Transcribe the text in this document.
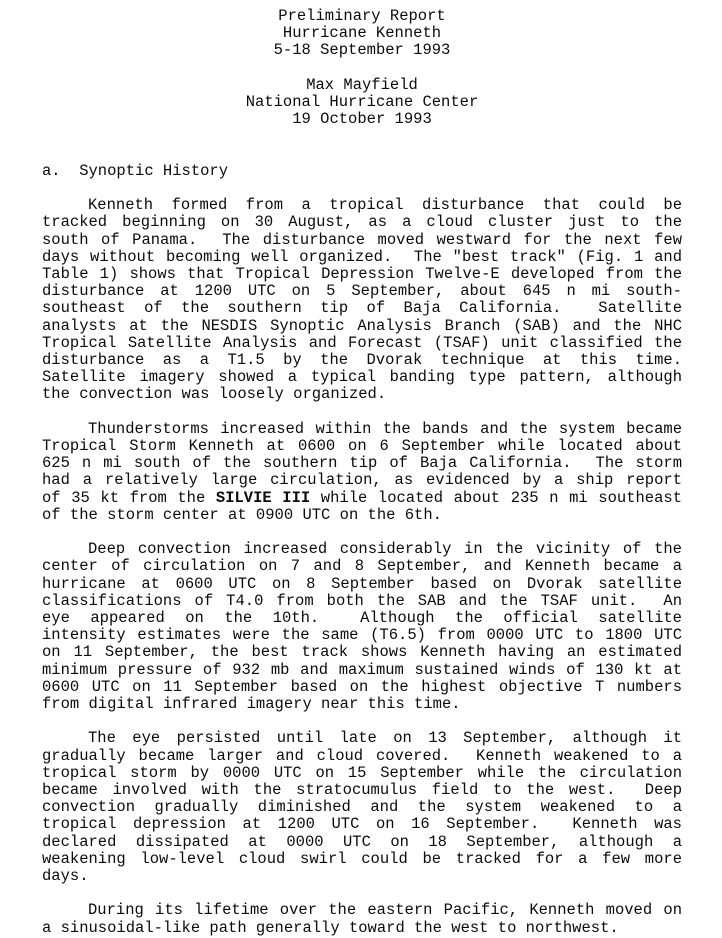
Preliminary Report
Hurricane Kenneth
5-18 September 1993
Max Mayfield
National Hurricane Center
19 October 1993
a.  Synoptic History
Kenneth formed from a tropical disturbance that could be
tracked beginning on 30 August, as a cloud cluster just to the
south of Panama.  The disturbance moved westward for the next few
days without becoming well organized.  The "best track" (Fig. 1 and
Table 1) shows that Tropical Depression Twelve-E developed from the
disturbance at 1200 UTC on 5 September, about 645 n mi south-
southeast of the southern tip of Baja California.  Satellite
analysts at the NESDIS Synoptic Analysis Branch (SAB) and the NHC
Tropical Satellite Analysis and Forecast (TSAF) unit classified the
disturbance as a T1.5 by the Dvorak technique at this time.
Satellite imagery showed a typical banding type pattern, although
the convection was loosely organized.
Thunderstorms increased within the bands and the system became
Tropical Storm Kenneth at 0600 on 6 September while located about
625 n mi south of the southern tip of Baja California.  The storm
had a relatively large circulation, as evidenced by a ship report
of 35 kt from the SILVIE III while located about 235 n mi southeast
of the storm center at 0900 UTC on the 6th.
Deep convection increased considerably in the vicinity of the
center of circulation on 7 and 8 September, and Kenneth became a
hurricane at 0600 UTC on 8 September based on Dvorak satellite
classifications of T4.0 from both the SAB and the TSAF unit.  An
eye appeared on the 10th.  Although the official satellite
intensity estimates were the same (T6.5) from 0000 UTC to 1800 UTC
on 11 September, the best track shows Kenneth having an estimated
minimum pressure of 932 mb and maximum sustained winds of 130 kt at
0600 UTC on 11 September based on the highest objective T numbers
from digital infrared imagery near this time.
The eye persisted until late on 13 September, although it
gradually became larger and cloud covered.  Kenneth weakened to a
tropical storm by 0000 UTC on 15 September while the circulation
became involved with the stratocumulus field to the west.  Deep
convection gradually diminished and the system weakened to a
tropical depression at 1200 UTC on 16 September.  Kenneth was
declared dissipated at 0000 UTC on 18 September, although a
weakening low-level cloud swirl could be tracked for a few more
days.
During its lifetime over the eastern Pacific, Kenneth moved on
a sinusoidal-like path generally toward the west to northwest.
